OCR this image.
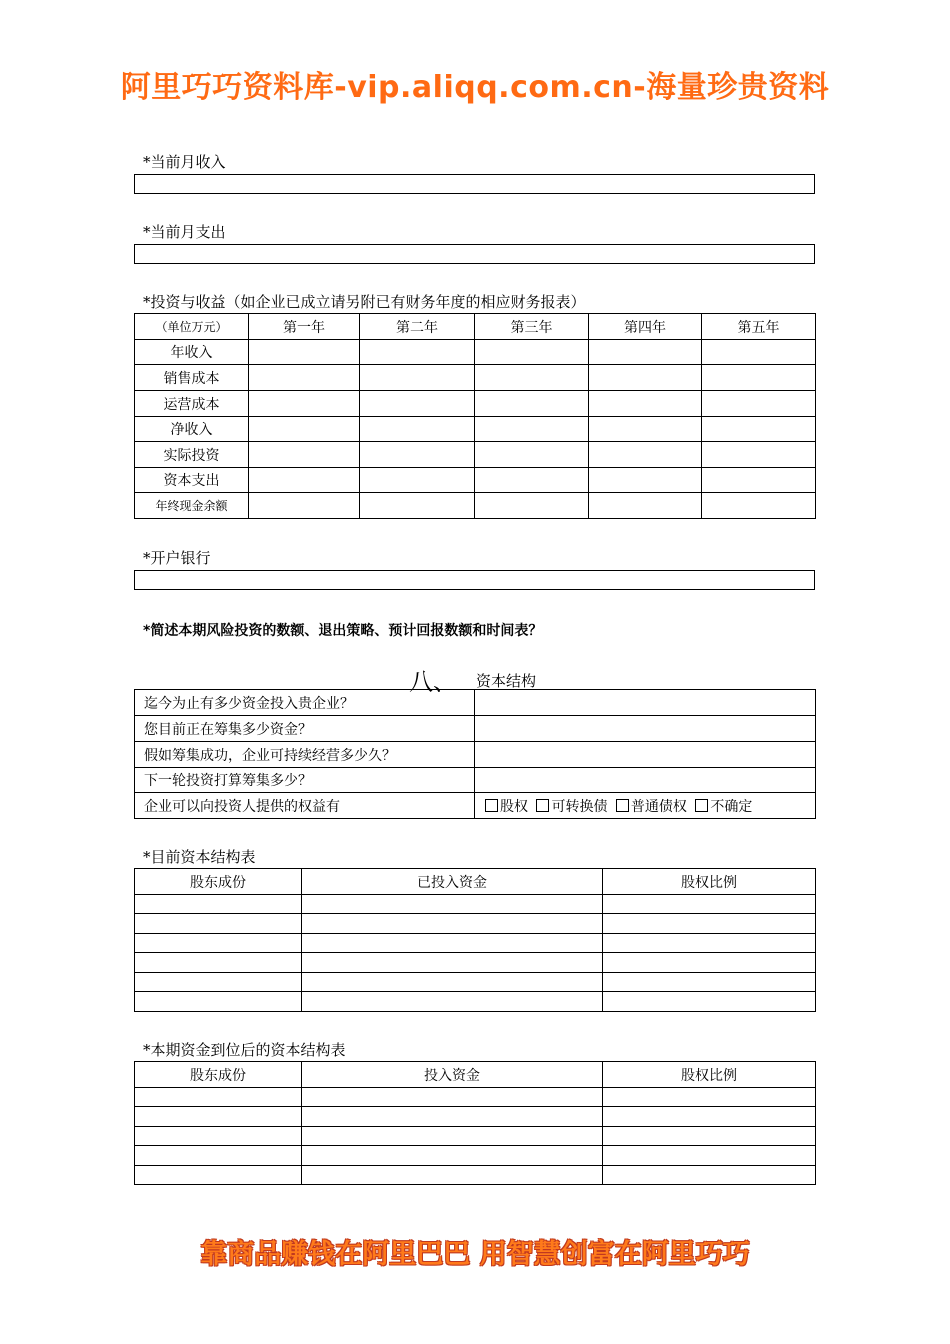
阿里巧巧资料库-vip.aliqq.com.cn-海量珍贵资料
*当前月收入
*当前月支出
*投资与收益（如企业已成立请另附已有财务年度的相应财务报表）
（单位万元）	第一年	第二年	第三年	第四年	第五年
年收入					
销售成本					
运营成本					
净收入					
实际投资					
资本支出					
年终现金余额					
*开户银行
*简述本期风险投资的数额、退出策略、预计回报数额和时间表？
八、 资本结构
迄今为止有多少资金投入贵企业？	
您目前正在筹集多少资金？	
假如筹集成功，企业可持续经营多少久？	
下一轮投资打算筹集多少？	
企业可以向投资人提供的权益有	股权 可转换债 普通债权 不确定
*目前资本结构表
股东成份	已投入资金	股权比例

*本期资金到位后的资本结构表
股东成份	投入资金	股权比例

靠商品赚钱在阿里巴巴 用智慧创富在阿里巧巧
